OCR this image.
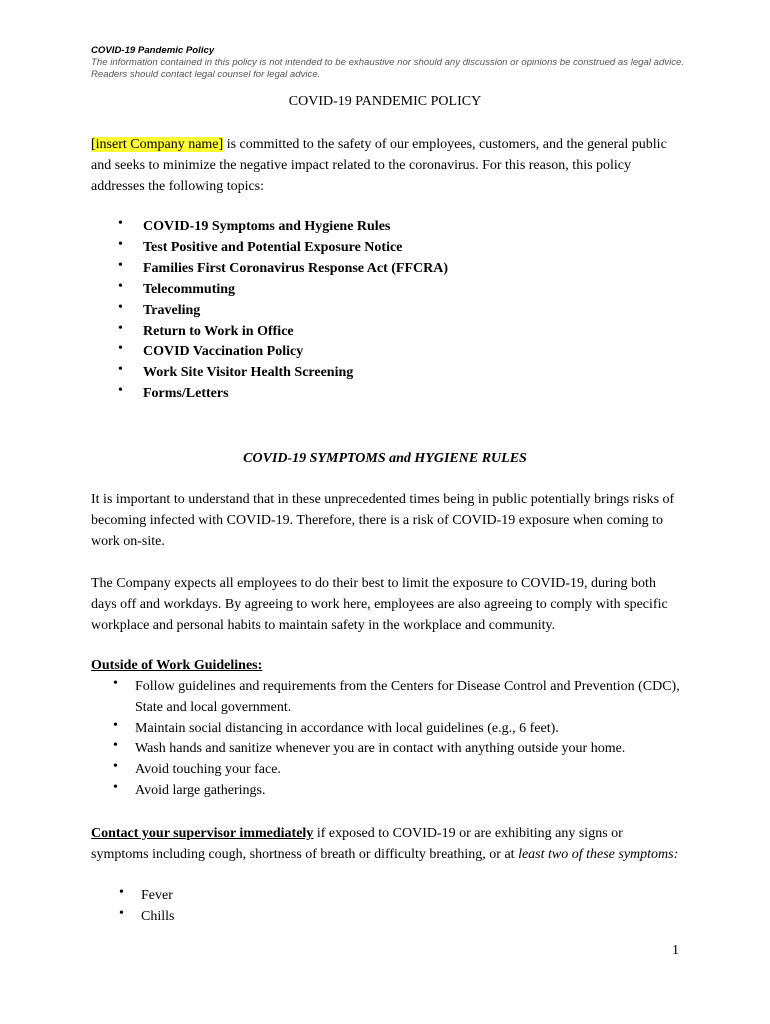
COVID-19 Pandemic Policy
The information contained in this policy is not intended to be exhaustive nor should any discussion or opinions be construed as legal advice. Readers should contact legal counsel for legal advice.
COVID-19 PANDEMIC POLICY
[insert Company name] is committed to the safety of our employees, customers, and the general public and seeks to minimize the negative impact related to the coronavirus. For this reason, this policy addresses the following topics:
• COVID-19 Symptoms and Hygiene Rules
• Test Positive and Potential Exposure Notice
• Families First Coronavirus Response Act (FFCRA)
• Telecommuting
• Traveling
• Return to Work in Office
• COVID Vaccination Policy
• Work Site Visitor Health Screening
• Forms/Letters
COVID-19 SYMPTOMS and HYGIENE RULES
It is important to understand that in these unprecedented times being in public potentially brings risks of becoming infected with COVID-19. Therefore, there is a risk of COVID-19 exposure when coming to work on-site.
The Company expects all employees to do their best to limit the exposure to COVID-19, during both days off and workdays. By agreeing to work here, employees are also agreeing to comply with specific workplace and personal habits to maintain safety in the workplace and community.
Outside of Work Guidelines:
• Follow guidelines and requirements from the Centers for Disease Control and Prevention (CDC), State and local government.
• Maintain social distancing in accordance with local guidelines (e.g., 6 feet).
• Wash hands and sanitize whenever you are in contact with anything outside your home.
• Avoid touching your face.
• Avoid large gatherings.
Contact your supervisor immediately if exposed to COVID-19 or are exhibiting any signs or symptoms including cough, shortness of breath or difficulty breathing, or at least two of these symptoms:
• Fever
• Chills
1
